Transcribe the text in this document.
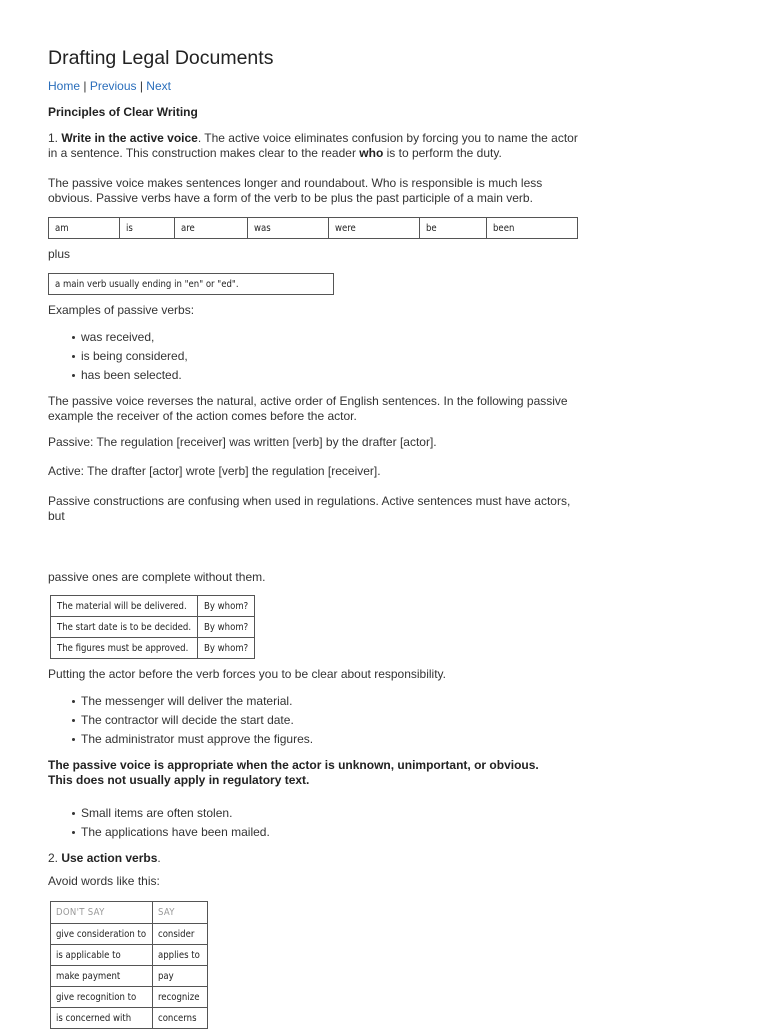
Drafting Legal Documents
Home | Previous | Next
Principles of Clear Writing
1. Write in the active voice. The active voice eliminates confusion by forcing you to name the actor in a sentence. This construction makes clear to the reader who is to perform the duty.
The passive voice makes sentences longer and roundabout. Who is responsible is much less obvious. Passive verbs have a form of the verb to be plus the past participle of a main verb.
am	is	are	was	were	be	been
plus
a main verb usually ending in "en" or "ed".
Examples of passive verbs:
was received,
is being considered,
has been selected.
The passive voice reverses the natural, active order of English sentences. In the following passive example the receiver of the action comes before the actor.
Passive: The regulation [receiver] was written [verb] by the drafter [actor].
Active: The drafter [actor] wrote [verb] the regulation [receiver].
Passive constructions are confusing when used in regulations. Active sentences must have actors, but
passive ones are complete without them.
The material will be delivered.	By whom?
The start date is to be decided.	By whom?
The figures must be approved.	By whom?
Putting the actor before the verb forces you to be clear about responsibility.
The messenger will deliver the material.
The contractor will decide the start date.
The administrator must approve the figures.
The passive voice is appropriate when the actor is unknown, unimportant, or obvious. This does not usually apply in regulatory text.
Small items are often stolen.
The applications have been mailed.
2. Use action verbs.
Avoid words like this:
DON'T SAY	SAY
give consideration to	consider
is applicable to	applies to
make payment	pay
give recognition to	recognize
is concerned with	concerns
